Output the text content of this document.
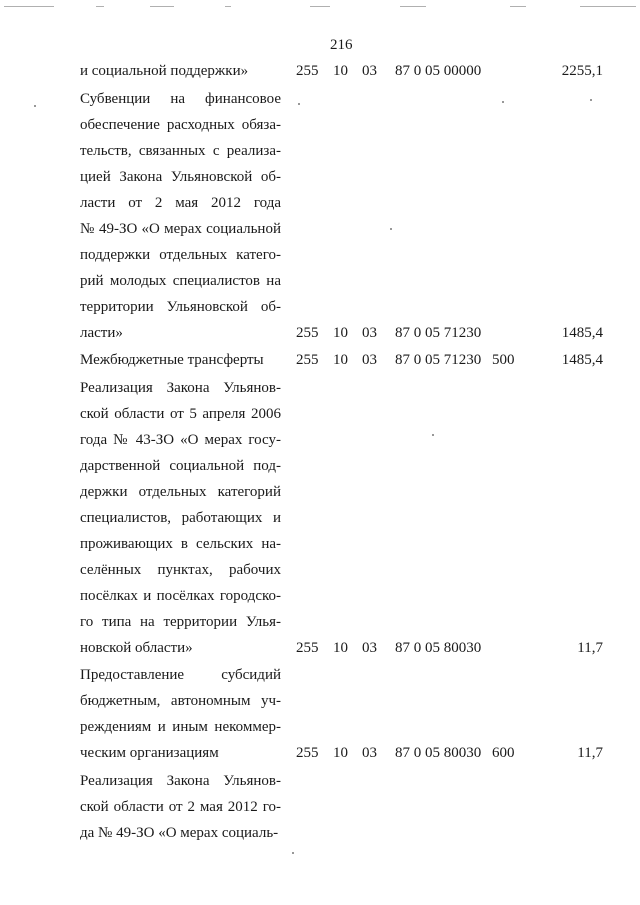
216
и социальной поддержки»	255 10 03 87 0 05 00000	2255,1
Субвенции на финансовое
обеспечение расходных обяза-
тельств, связанных с реализа-
цией Закона Ульяновской об-
ласти от 2 мая 2012 года
№ 49-ЗО «О мерах социальной
поддержки отдельных катего-
рий молодых специалистов на
территории Ульяновской об-
ласти»	255 10 03 87 0 05 71230	1485,4
Межбюджетные трансферты	255 10 03 87 0 05 71230 500	1485,4
Реализация Закона Ульянов-
ской области от 5 апреля 2006
года № 43-ЗО «О мерах госу-
дарственной социальной под-
держки отдельных категорий
специалистов, работающих и
проживающих в сельских на-
селённых пунктах, рабочих
посёлках и посёлках городско-
го типа на территории Улья-
новской области»	255 10 03 87 0 05 80030	11,7
Предоставление субсидий
бюджетным, автономным уч-
реждениям и иным некоммер-
ческим организациям	255 10 03 87 0 05 80030 600	11,7
Реализация Закона Ульянов-
ской области от 2 мая 2012 го-
да № 49-ЗО «О мерах социаль-
